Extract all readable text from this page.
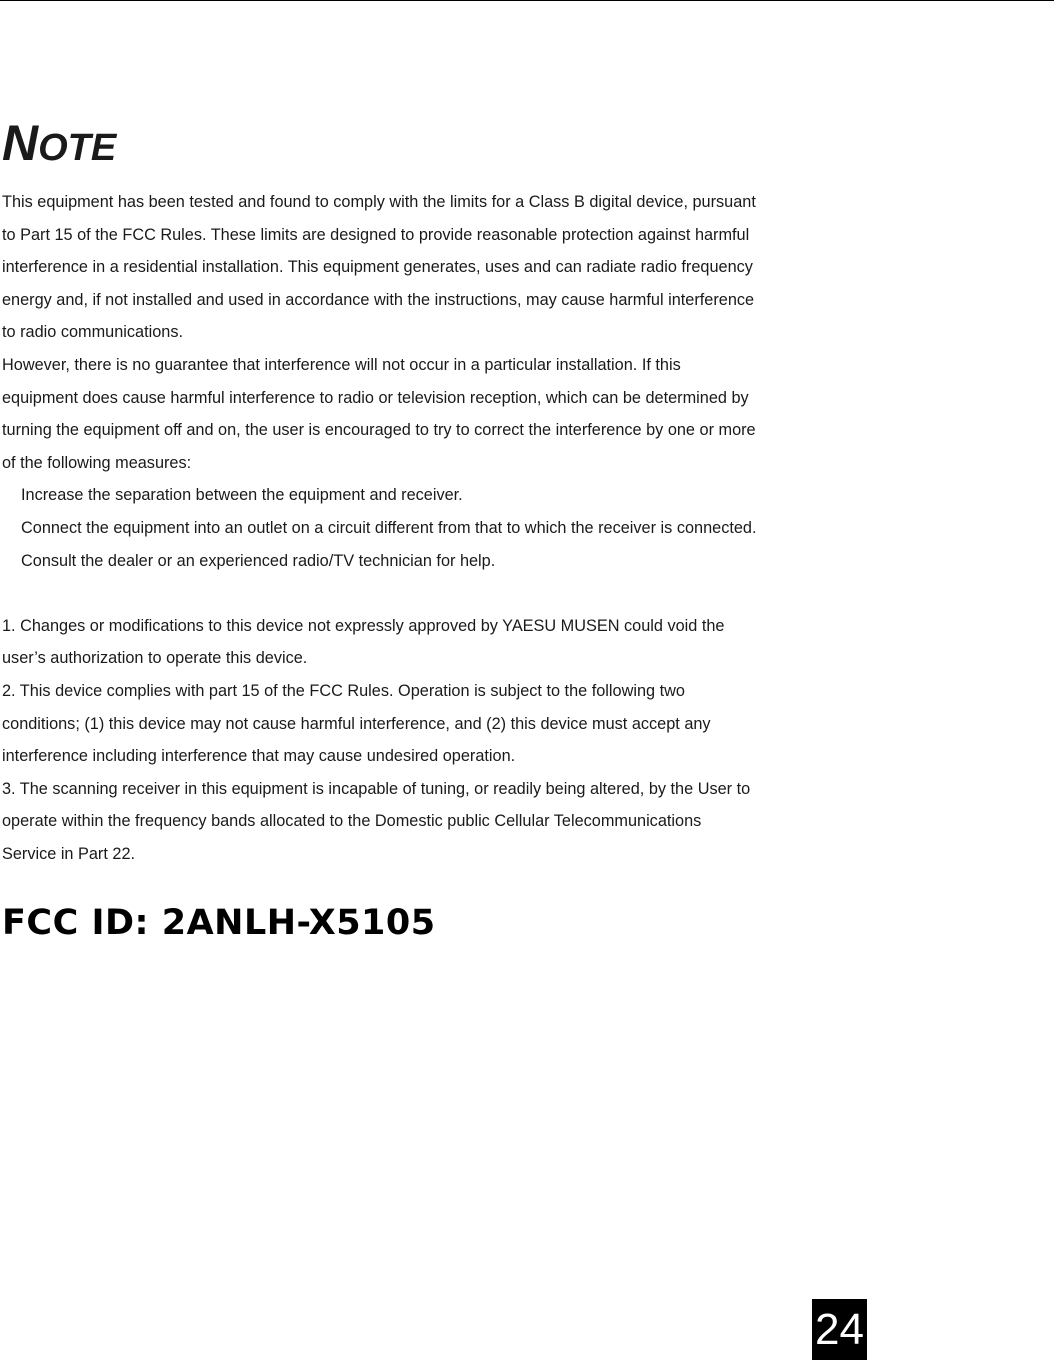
NOTE

This equipment has been tested and found to comply with the limits for a Class B digital device, pursuant

to Part 15 of the FCC Rules. These limits are designed to provide reasonable protection against harmful

interference in a residential installation. This equipment generates, uses and can radiate radio frequency

energy and, if not installed and used in accordance with the instructions, may cause harmful interference

to radio communications.

However, there is no guarantee that interference will not occur in a particular installation. If this

equipment does cause harmful interference to radio or television reception, which can be determined by

turning the equipment off and on, the user is encouraged to try to correct the interference by one or more

of the following measures:

Increase the separation between the equipment and receiver.

Connect the equipment into an outlet on a circuit different from that to which the receiver is connected.

Consult the dealer or an experienced radio/TV technician for help.

1. Changes or modifications to this device not expressly approved by YAESU MUSEN could void the

user’s authorization to operate this device.

2. This device complies with part 15 of the FCC Rules. Operation is subject to the following two

conditions; (1) this device may not cause harmful interference, and (2) this device must accept any

interference including interference that may cause undesired operation.

3. The scanning receiver in this equipment is incapable of tuning, or readily being altered, by the User to

operate within the frequency bands allocated to the Domestic public Cellular Telecommunications

Service in Part 22.

FCC ID: 2ANLH-X5105
24
